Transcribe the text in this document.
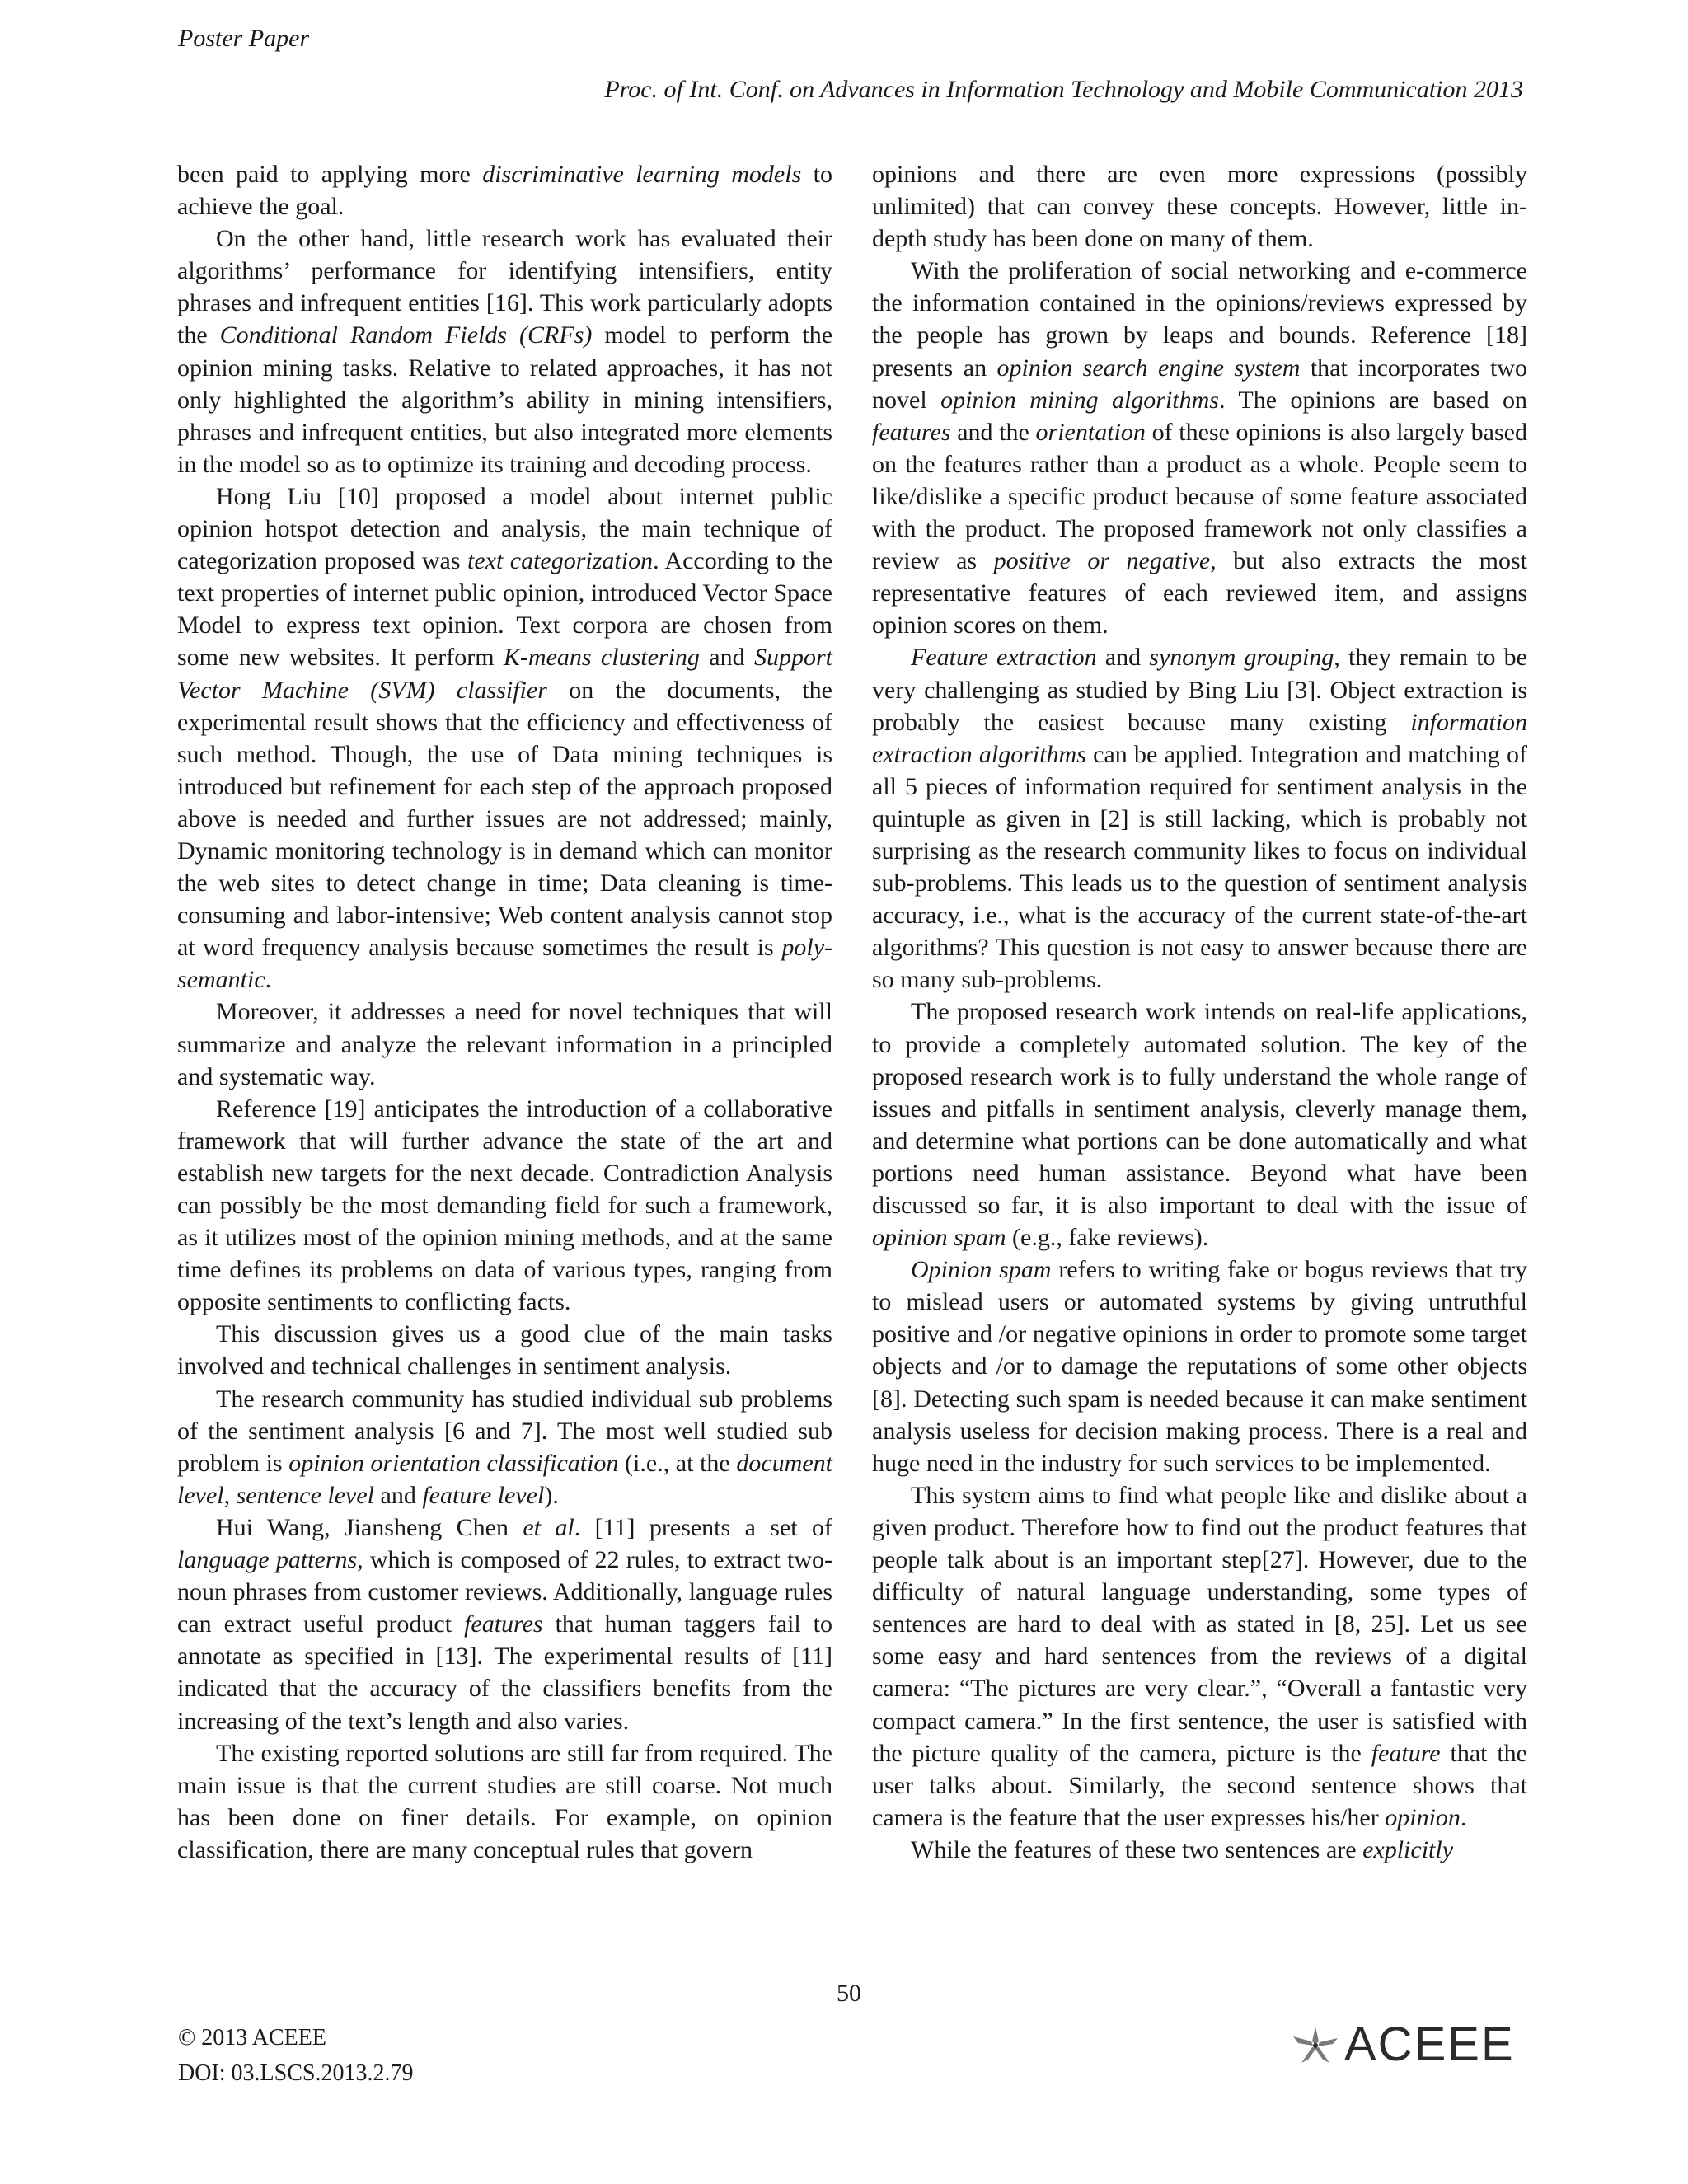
Poster Paper
Proc. of Int. Conf. on Advances in Information Technology and Mobile Communication 2013

been paid to applying more discriminative learning models to achieve the goal.

On the other hand, little research work has evaluated their algorithms’ performance for identifying intensifiers, entity phrases and infrequent entities [16]. This work particularly adopts the Conditional Random Fields (CRFs) model to perform the opinion mining tasks. Relative to related approaches, it has not only highlighted the algorithm’s ability in mining intensifiers, phrases and infrequent entities, but also integrated more elements in the model so as to optimize its training and decoding process.

Hong Liu [10] proposed a model about internet public opinion hotspot detection and analysis, the main technique of categorization proposed was text categorization. According to the text properties of internet public opinion, introduced Vector Space Model to express text opinion. Text corpora are chosen from some new websites. It perform K-means clustering and Support Vector Machine (SVM) classifier on the documents, the experimental result shows that the efficiency and effectiveness of such method. Though, the use of Data mining techniques is introduced but refinement for each step of the approach proposed above is needed and further issues are not addressed; mainly, Dynamic monitoring technology is in demand which can monitor the web sites to detect change in time; Data cleaning is time-consuming and labor-intensive; Web content analysis cannot stop at word frequency analysis because sometimes the result is poly-semantic.

Moreover, it addresses a need for novel techniques that will summarize and analyze the relevant information in a principled and systematic way.

Reference [19] anticipates the introduction of a collaborative framework that will further advance the state of the art and establish new targets for the next decade. Contradiction Analysis can possibly be the most demanding field for such a framework, as it utilizes most of the opinion mining methods, and at the same time defines its problems on data of various types, ranging from opposite sentiments to conflicting facts.

This discussion gives us a good clue of the main tasks involved and technical challenges in sentiment analysis.

The research community has studied individual sub problems of the sentiment analysis [6 and 7]. The most well studied sub problem is opinion orientation classification (i.e., at the document level, sentence level and feature level).

Hui Wang, Jiansheng Chen et al. [11] presents a set of language patterns, which is composed of 22 rules, to extract two-noun phrases from customer reviews. Additionally, language rules can extract useful product features that human taggers fail to annotate as specified in [13]. The experimental results of [11] indicated that the accuracy of the classifiers benefits from the increasing of the text’s length and also varies.

The existing reported solutions are still far from required. The main issue is that the current studies are still coarse. Not much has been done on finer details. For example, on opinion classification, there are many conceptual rules that govern

opinions and there are even more expressions (possibly unlimited) that can convey these concepts. However, little in-depth study has been done on many of them.

With the proliferation of social networking and e-commerce the information contained in the opinions/reviews expressed by the people has grown by leaps and bounds. Reference [18] presents an opinion search engine system that incorporates two novel opinion mining algorithms. The opinions are based on features and the orientation of these opinions is also largely based on the features rather than a product as a whole. People seem to like/dislike a specific product because of some feature associated with the product. The proposed framework not only classifies a review as positive or negative, but also extracts the most representative features of each reviewed item, and assigns opinion scores on them.

Feature extraction and synonym grouping, they remain to be very challenging as studied by Bing Liu [3]. Object extraction is probably the easiest because many existing information extraction algorithms can be applied. Integration and matching of all 5 pieces of information required for sentiment analysis in the quintuple as given in [2] is still lacking, which is probably not surprising as the research community likes to focus on individual sub-problems. This leads us to the question of sentiment analysis accuracy, i.e., what is the accuracy of the current state-of-the-art algorithms? This question is not easy to answer because there are so many sub-problems.

The proposed research work intends on real-life applications, to provide a completely automated solution. The key of the proposed research work is to fully understand the whole range of issues and pitfalls in sentiment analysis, cleverly manage them, and determine what portions can be done automatically and what portions need human assistance. Beyond what have been discussed so far, it is also important to deal with the issue of opinion spam (e.g., fake reviews).

Opinion spam refers to writing fake or bogus reviews that try to mislead users or automated systems by giving untruthful positive and /or negative opinions in order to promote some target objects and /or to damage the reputations of some other objects [8]. Detecting such spam is needed because it can make sentiment analysis useless for decision making process. There is a real and huge need in the industry for such services to be implemented.

This system aims to find what people like and dislike about a given product. Therefore how to find out the product features that people talk about is an important step[27]. However, due to the difficulty of natural language understanding, some types of sentences are hard to deal with as stated in [8, 25]. Let us see some easy and hard sentences from the reviews of a digital camera: “The pictures are very clear.”, “Overall a fantastic very compact camera.” In the first sentence, the user is satisfied with the picture quality of the camera, picture is the feature that the user talks about. Similarly, the second sentence shows that camera is the feature that the user expresses his/her opinion.

While the features of these two sentences are explicitly

50
© 2013 ACEEE
DOI: 03.LSCS.2013.2.79
ACEEE
